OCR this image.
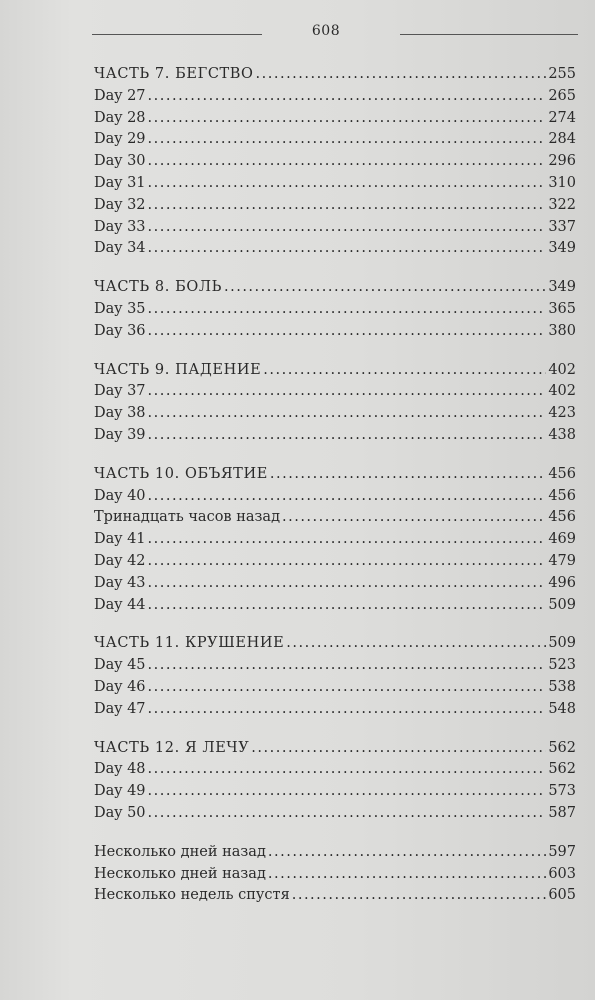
608
ЧАСТЬ 7. БЕГСТВО .....	255
Day 27 .....	265
Day 28 .....	274
Day 29 .....	284
Day 30 .....	296
Day 31 .....	310
Day 32 .....	322
Day 33 .....	337
Day 34 .....	349
ЧАСТЬ 8. БОЛЬ .....	349
Day 35 .....	365
Day 36 .....	380
ЧАСТЬ 9. ПАДЕНИЕ .....	402
Day 37 .....	402
Day 38 .....	423
Day 39 .....	438
ЧАСТЬ 10. ОБЪЯТИЕ .....	456
Day 40 .....	456
Тринадцать часов назад .....	456
Day 41 .....	469
Day 42 .....	479
Day 43 .....	496
Day 44 .....	509
ЧАСТЬ 11. КРУШЕНИЕ .....	509
Day 45 .....	523
Day 46 .....	538
Day 47 .....	548
ЧАСТЬ 12. Я ЛЕЧУ .....	562
Day 48 .....	562
Day 49 .....	573
Day 50 .....	587
Несколько дней назад .....	597
Несколько дней назад .....	603
Несколько недель спустя .....	605
